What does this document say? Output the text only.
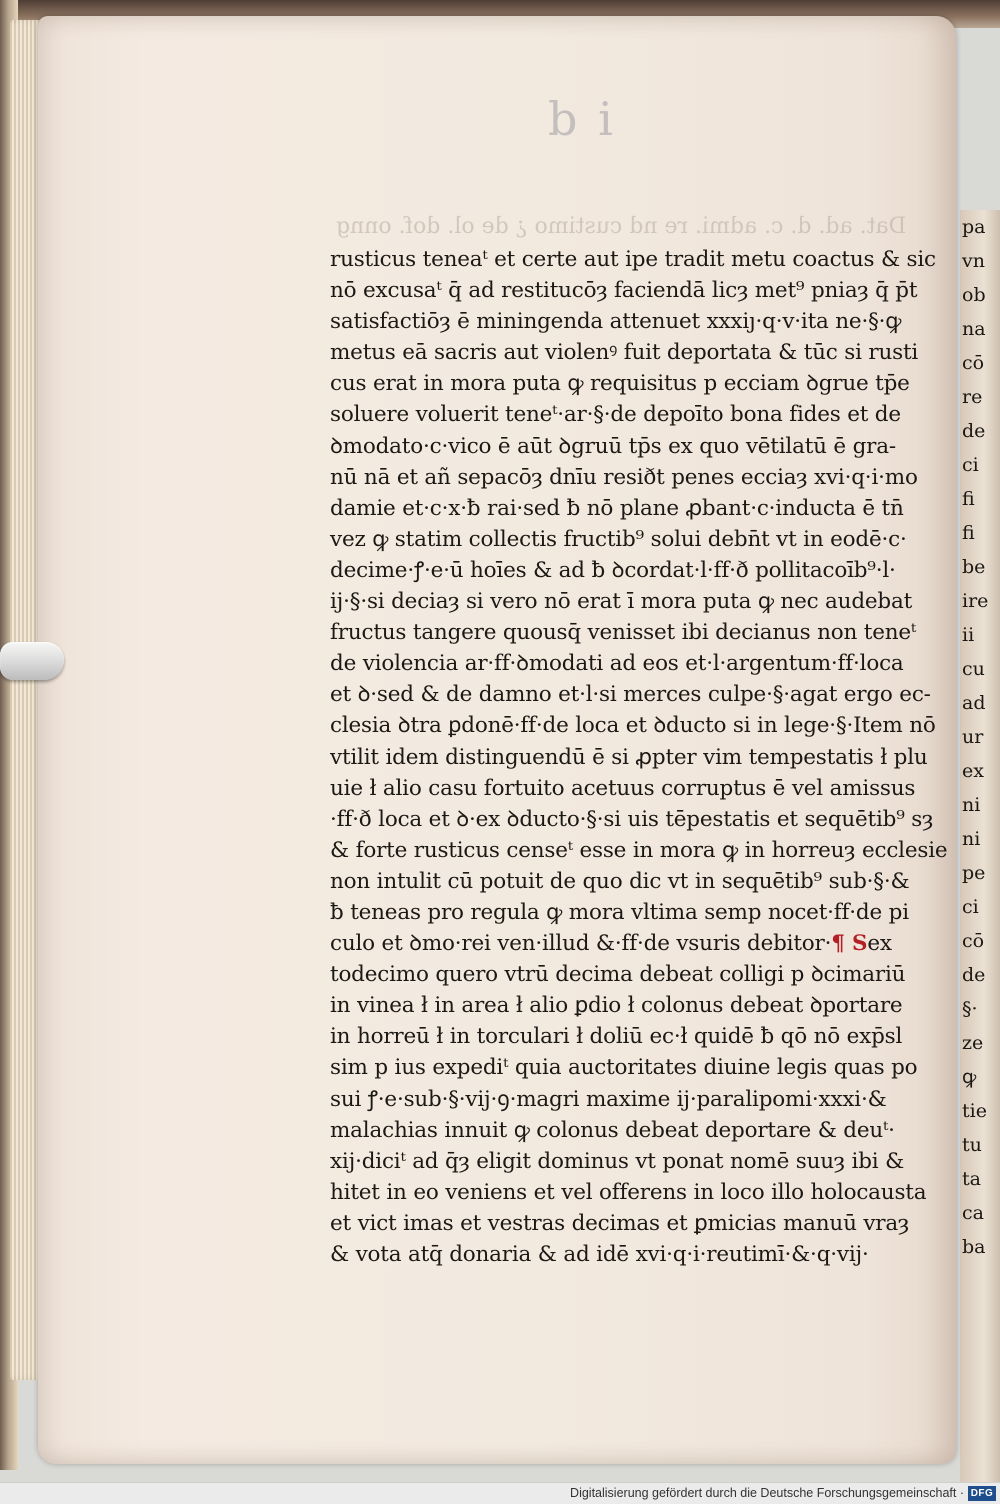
pa
vn
ob
na
cō
re
de
ci
fi
fi
be
ire
ii
cu
ad
ur
ex
ni
ni
pe
ci
cō
de
§·
ze
ꝙ
tie
tu
ta
ca
ba
b i
Dat. ad. d. c. admi. re nd custimo ¿ de ol. dof. onng
rusticus teneaᵗ et certe aut ipe tradit metu coactus & sic
nō excusaᵗ q̄ ad restitucōȝ faciendā licȝ met⁹ pniaȝ q̄ p̄t
satisfactiōȝ ē miningenda attenuet xxxiȷ·q·v·ita ne·§·ꝙ
metus eā sacris aut violenꝰ fuit deportata & tūc si rusti
cus erat in mora puta ꝙ requisitus p ecciam ꝺgrue tp̄e
soluere voluerit teneᵗ·ar·§·de depoīto bona fides et de
ꝺmodato·c·vico ē aūt ꝺgruū tp̄s ex quo vētilatū ē gra-
nū nā et añ sepacōȝ dnīu resiðt penes ecciaȝ xvi·q·i·mo
damie et·c·x·ƀ rai·sed ƀ nō plane ꝓbant·c·inducta ē tn̄
vez ꝙ statim collectis fructib⁹ solui debn̄t vt in eodē·c·
decime·ꝭ·e·ū hoīes & ad ƀ ꝺcordat·l·ff·ð pollitacoīb⁹·l·
ij·§·si deciaȝ si vero nō erat ī mora puta ꝙ nec audebat
fructus tangere quousq̄ venisset ibi decianus non teneᵗ
de violencia ar·ff·ꝺmodati ad eos et·l·argentum·ff·loca
et ꝺ·sed & de damno et·l·si merces culpe·§·agat ergo ec-
clesia ꝺtra ꝑdonē·ff·de loca et ꝺducto si in lege·§·Item nō
vtilit idem distinguendū ē si ꝓpter vim tempestatis ł plu
uie ł alio casu fortuito acetuus corruptus ē vel amissus
·ff·ð loca et ꝺ·ex ꝺducto·§·si uis tēpestatis et sequētib⁹ sȝ
& forte rusticus censeᵗ esse in mora ꝙ in horreuȝ ecclesie
non intulit cū potuit de quo dic vt in sequētib⁹ sub·§·&
ƀ teneas pro regula ꝙ mora vltima semp nocet·ff·de pi
culo et ꝺmo·rei ven·illud &·ff·de vsuris debitor·¶ Sex
todecimo quero vtrū decima debeat colligi p ꝺcimariū
in vinea ł in area ł alio ꝑdio ł colonus debeat ꝺportare
in horreū ł in torculari ł doliū ec·ł quidē ƀ qō nō exp̄sl
sim p ius expediᵗ quia auctoritates diuine legis quas po
sui ꝭ·e·sub·§·vij·ꝯ·magri maxime ij·paralipomi·xxxi·&
malachias innuit ꝙ colonus debeat deportare & deuᵗ·
xij·diciᵗ ad q̄ȝ eligit dominus vt ponat nomē suuȝ ibi &
hitet in eo veniens et vel offerens in loco illo holocausta
et vict imas et vestras decimas et ꝑmicias manuū vraȝ
& vota atq̄ donaria & ad idē xvi·q·i·reutimī·&·q·vij·
Digitalisierung gefördert durch die Deutsche Forschungsgemeinschaft · DFG
